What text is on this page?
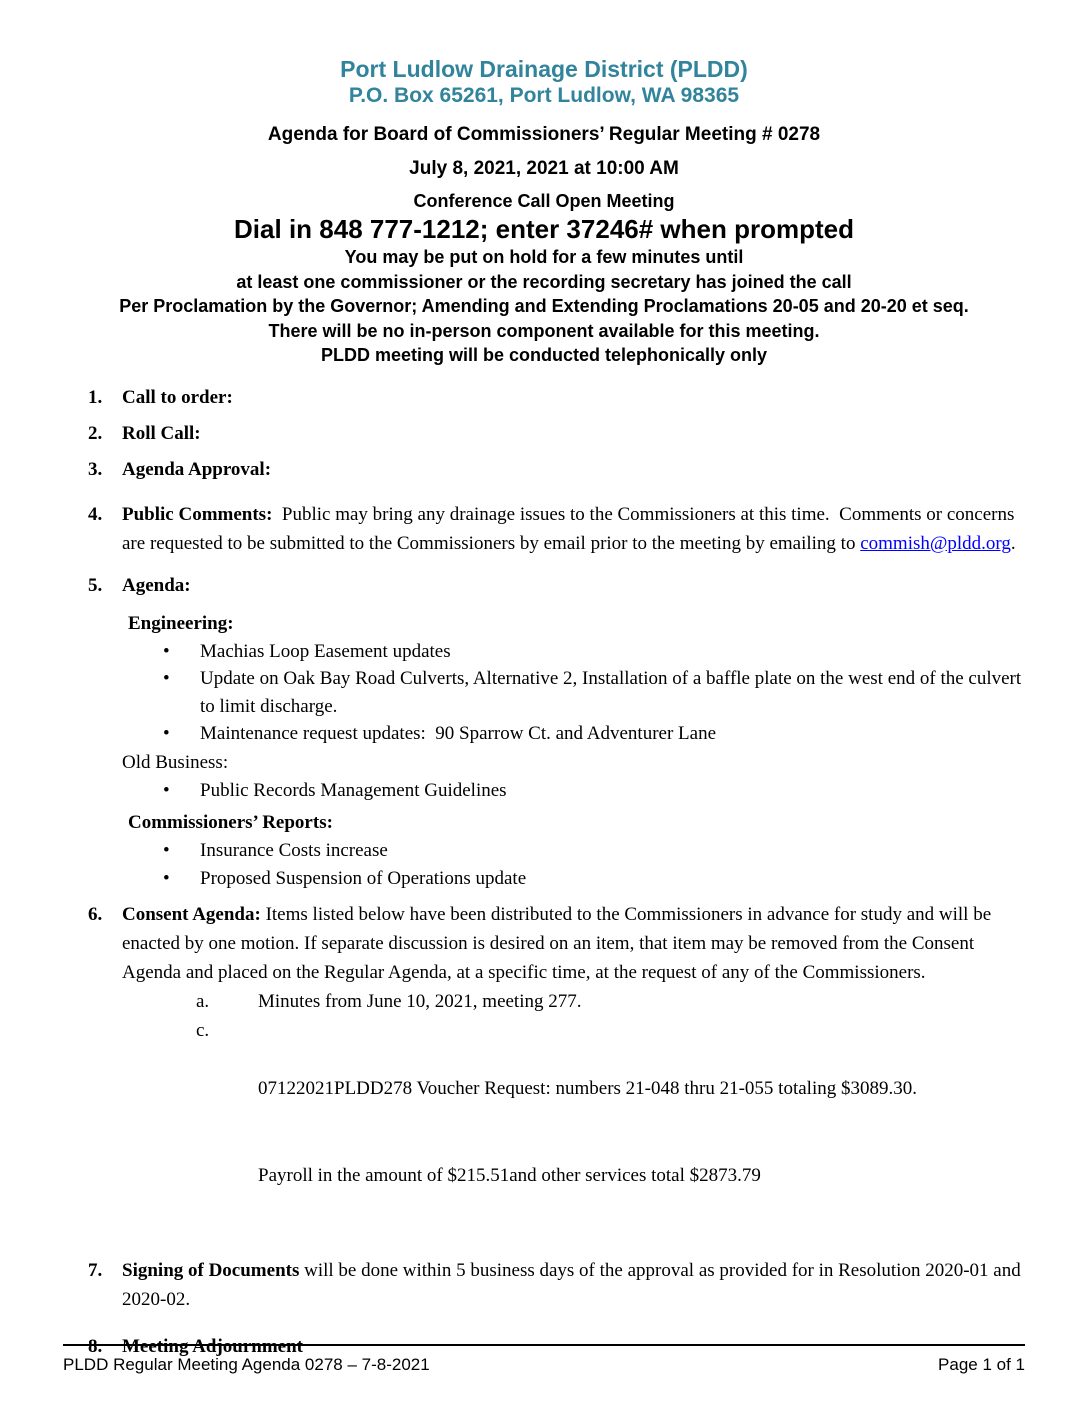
Port Ludlow Drainage District (PLDD)
P.O. Box 65261, Port Ludlow, WA 98365
Agenda for Board of Commissioners’ Regular Meeting # 0278
July 8, 2021, 2021 at 10:00 AM
Conference Call Open Meeting
Dial in 848 777-1212; enter 37246# when prompted
You may be put on hold for a few minutes until
at least one commissioner or the recording secretary has joined the call
Per Proclamation by the Governor; Amending and Extending Proclamations 20-05 and 20-20 et seq.
There will be no in-person component available for this meeting.
PLDD meeting will be conducted telephonically only
1.	Call to order:
2.	Roll Call:
3.	Agenda Approval:
4.	Public Comments:  Public may bring any drainage issues to the Commissioners at this time.  Comments or concerns are requested to be submitted to the Commissioners by email prior to the meeting by emailing to commish@pldd.org.
5.	Agenda:
Engineering:
•	Machias Loop Easement updates
•	Update on Oak Bay Road Culverts, Alternative 2, Installation of a baffle plate on the west end of the culvert to limit discharge.
•	Maintenance request updates:  90 Sparrow Ct. and Adventurer Lane
Old Business:
•	Public Records Management Guidelines
Commissioners’ Reports:
•	Insurance Costs increase
•	Proposed Suspension of Operations update
6.	Consent Agenda: Items listed below have been distributed to the Commissioners in advance for study and will be enacted by one motion. If separate discussion is desired on an item, that item may be removed from the Consent Agenda and placed on the Regular Agenda, at a specific time, at the request of any of the Commissioners.
a.	Minutes from June 10, 2021, meeting 277.
c.

07122021PLDD278 Voucher Request: numbers 21-048 thru 21-055 totaling $3089.30.

Payroll in the amount of $215.51and other services total $2873.79

7.	Signing of Documents will be done within 5 business days of the approval as provided for in Resolution 2020-01 and 2020-02.
8.	Meeting Adjournment
PLDD Regular Meeting Agenda 0278 – 7-8-2021	Page 1 of 1
